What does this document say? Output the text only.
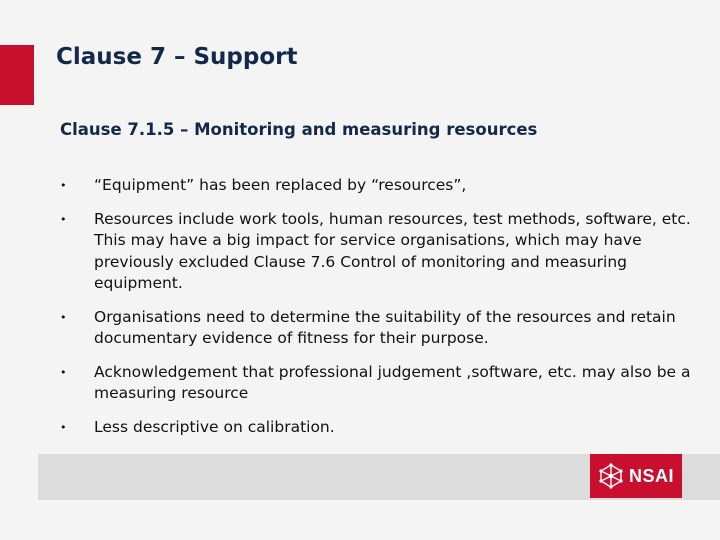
Clause 7 – Support
Clause 7.1.5 – Monitoring and measuring resources
• “Equipment” has been replaced by “resources”,
• Resources include work tools, human resources, test methods, software, etc. This may have a big impact for service organisations, which may have previously excluded Clause 7.6 Control of monitoring and measuring equipment.
• Organisations need to determine the suitability of the resources and retain documentary evidence of fitness for their purpose.
• Acknowledgement that professional judgement ,software, etc. may also be a measuring resource
• Less descriptive on calibration.
NSAI
